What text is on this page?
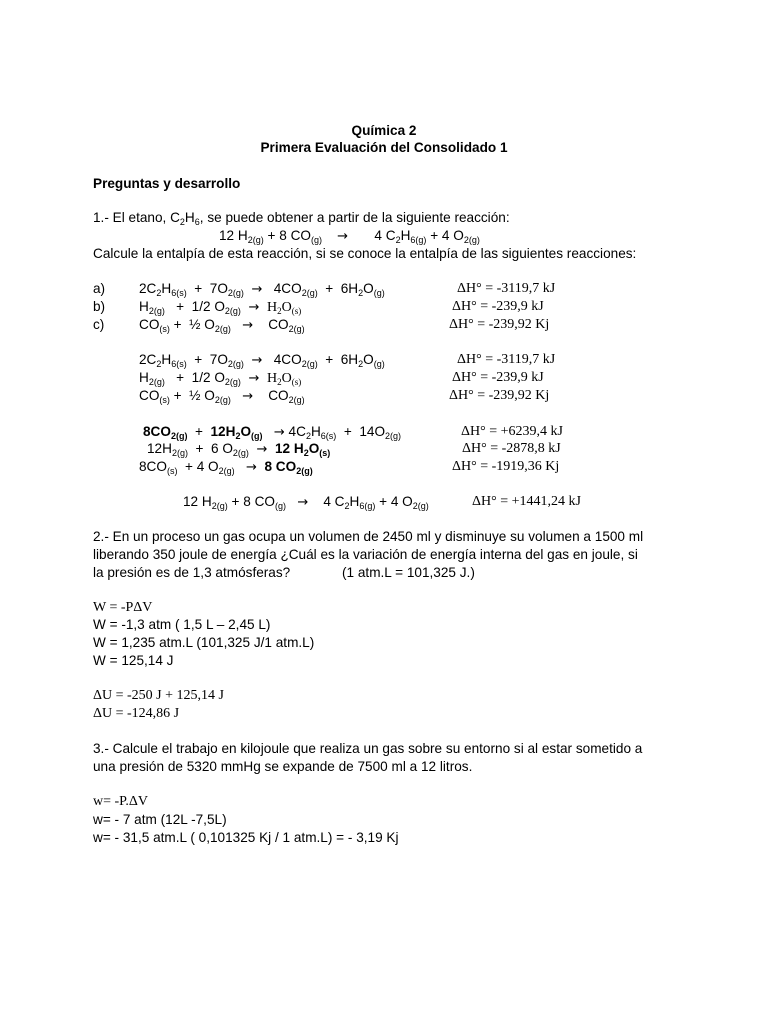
Química 2
Primera Evaluación del Consolidado 1
Preguntas y desarrollo
1.- El etano, $C_2H_6$, se puede obtener a partir de la siguiente reacción:
12 $H_{2(g)} + 8$ $CO_{(g)}$ →       4 $C_2H_{6(g)} + 4$ $O_{2(g)}$
Calcule la entalpía de esta reacción, si se conoce la entalpía de las siguientes reacciones:
a) $2C_2H_{6(s)} + 7O_{2(g)} \to 4CO_{2(g)} + 6H_2O_{(g)}$	ΔH° = -3119,7 kJ
b) $H_{2(g)} + 1/2$ $O_{2(g)} \to H_2O_{(s)}$	ΔH° = -239,9 kJ
c)	$CO_{(s)}$ +  ½ $O_{2(g)}$ →    $CO_{2(g)}$	ΔH° = -239,92 Kj
$2C_2H_{6(s)} + 7O_{2(g)} \to 4CO_{2(g)} + 6H_2O_{(g)}$	ΔH° = -3119,7 kJ
$H_{2(g)} + 1/2$ $O_{2(g)} \to H_2O_{(s)}$	ΔH° = -239,9 kJ
$CO_{(s)}$ +  ½ $O_{2(g)}$ →    $CO_{2(g)}$	ΔH° = -239,92 Kj
$8CO_{2(g)} + 12H_2O_{(g)} \to 4C_2H_{6(s)} + 14O_{2(g)}$	ΔH° = +6239,4 kJ
$12H_{2(g)} + 6$ $O_{2(g)} \to 12$ $H_2O_{(s)}$	ΔH° = -2878,8 kJ
$8CO_{(s)} + 4$ $O_{2(g)} \to 8$ $CO_{2(g)}$	ΔH° = -1919,36 Kj
12 $H_{2(g)} + 8$ $CO_{(g)}$ →    4 $C_2H_{6(g)} + 4$ $O_{2(g)}$	ΔH° = +1441,24 kJ
2.- En un proceso un gas ocupa un volumen de 2450 ml y disminuye su volumen a 1500 ml
liberando 350 joule de energía ¿Cuál es la variación de energía interna del gas en joule, si
la presión es de 1,3 atmósferas?	(1 atm.L = 101,325 J.)
W = -PΔV
W = -1,3 atm ( 1,5 L – 2,45 L)
W = 1,235 atm.L (101,325 J/1 atm.L)
W = 125,14 J
ΔU = -250 J + 125,14 J
ΔU = -124,86 J
3.- Calcule el trabajo en kilojoule que realiza un gas sobre su entorno si al estar sometido a
una presión de 5320 mmHg se expande de 7500 ml a 12 litros.
w= -P.ΔV
w= - 7 atm (12L -7,5L)
w= - 31,5 atm.L ( 0,101325 Kj / 1 atm.L) = - 3,19 Kj
